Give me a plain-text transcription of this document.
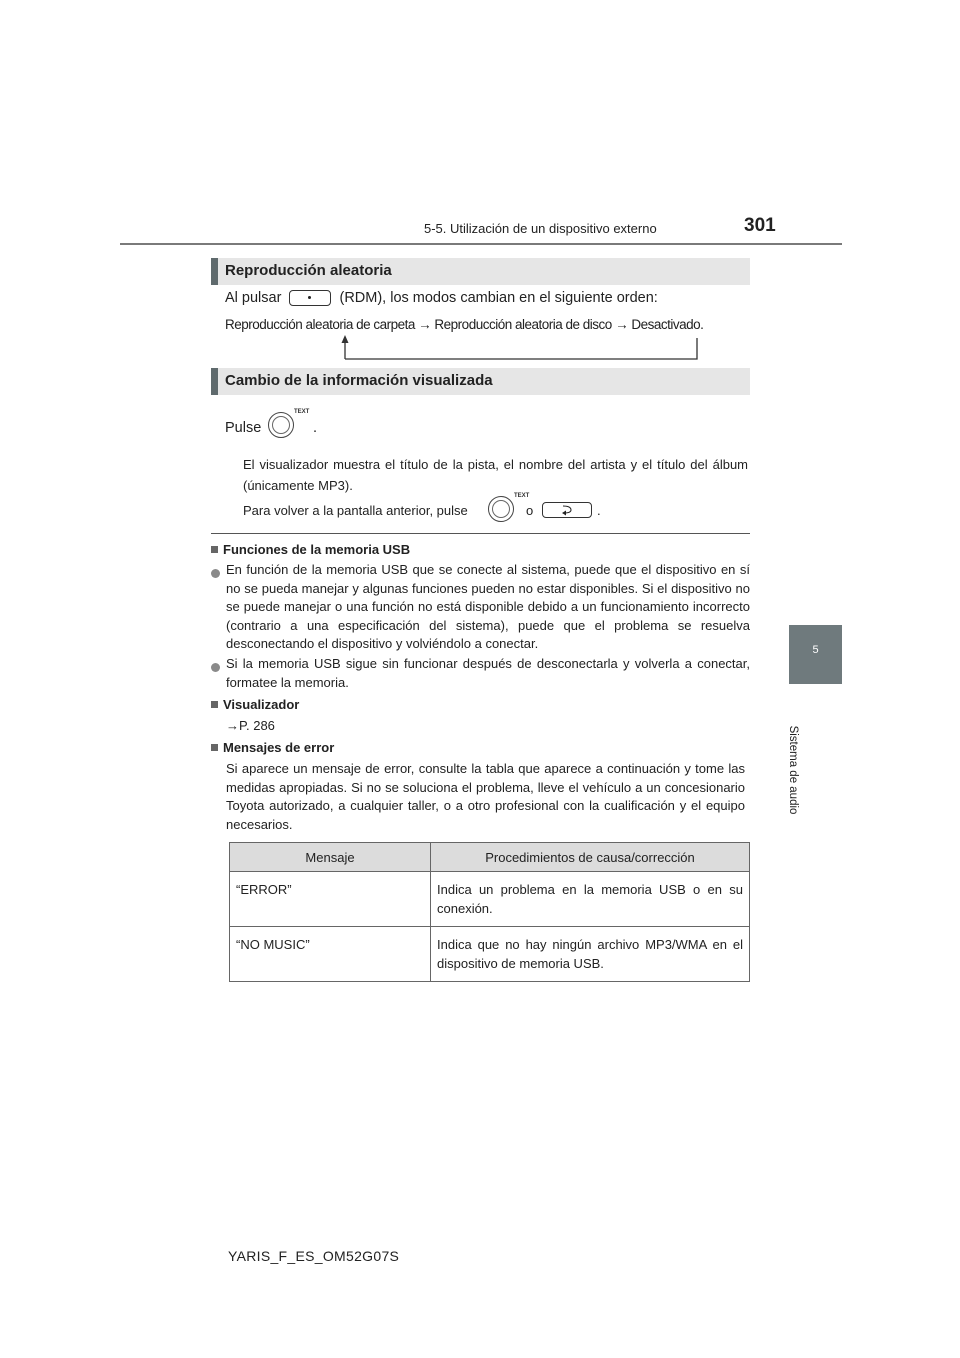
5-5. Utilización de un dispositivo externo	301
5
Sistema de audio
Reproducción aleatoria
Al pulsar	(RDM), los modos cambian en el siguiente orden:
Reproducción aleatoria de carpeta → Reproducción aleatoria de disco → Desactivado.
Cambio de la información visualizada
Pulse
TEXT
.
El visualizador muestra el título de la pista, el nombre del artista y el título del álbum (únicamente MP3).
Para volver a la pantalla anterior, pulse
TEXT
o	.
Funciones de la memoria USB
En función de la memoria USB que se conecte al sistema, puede que el dispositivo en sí no se pueda manejar y algunas funciones pueden no estar disponibles. Si el dispositivo no se puede manejar o una función no está disponible debido a un funcionamiento incorrecto (contrario a una especificación del sistema), puede que el problema se resuelva desconectando el dispositivo y volviéndolo a conectar.
Si la memoria USB sigue sin funcionar después de desconectarla y volverla a conectar, formatee la memoria.
Visualizador
→P. 286
Mensajes de error
Si aparece un mensaje de error, consulte la tabla que aparece a continuación y tome las medidas apropiadas. Si no se soluciona el problema, lleve el vehículo a un concesionario Toyota autorizado, a cualquier taller, o a otro profesional con la cualificación y el equipo necesarios.
Mensaje	Procedimientos de causa/corrección
“ERROR”	Indica un problema en la memoria USB o en su conexión.
“NO MUSIC”	Indica que no hay ningún archivo MP3/WMA en el dispositivo de memoria USB.
YARIS_F_ES_OM52G07S
